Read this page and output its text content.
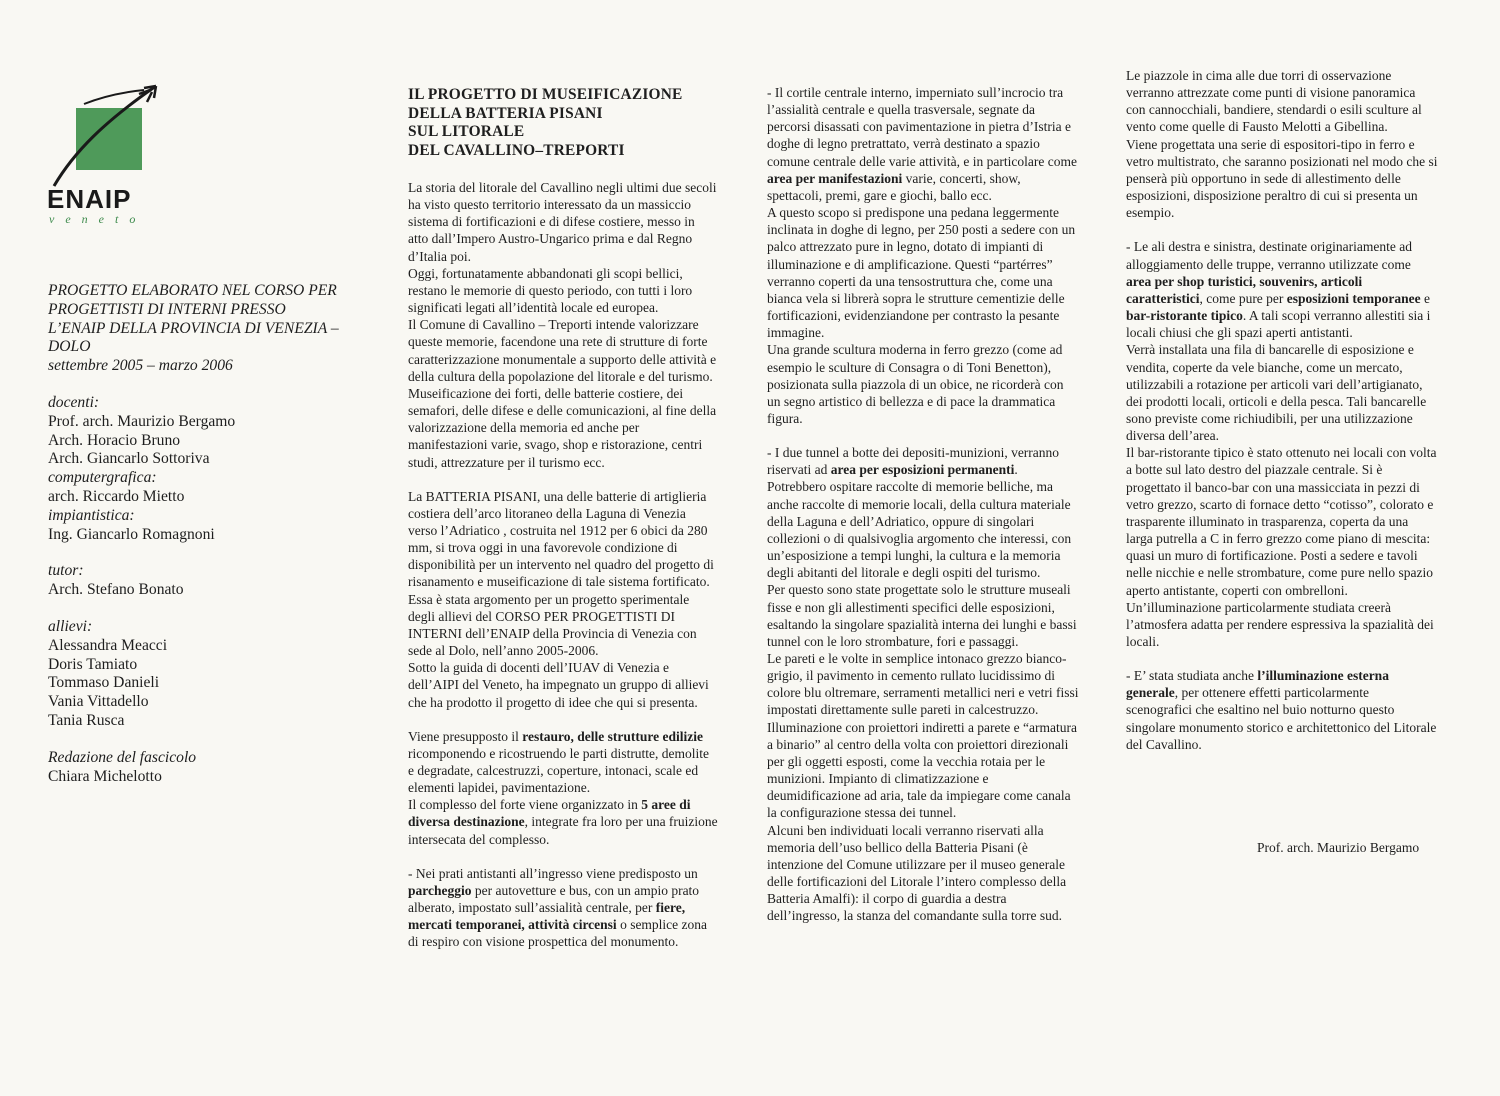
ENAIP
veneto

PROGETTO ELABORATO NEL CORSO PER

PROGETTISTI DI INTERNI PRESSO

L’ENAIP DELLA PROVINCIA DI VENEZIA –

DOLO

settembre 2005 – marzo 2006

docenti:

Prof. arch. Maurizio Bergamo

Arch. Horacio Bruno

Arch. Giancarlo Sottoriva

computergrafica:

arch. Riccardo Mietto

impiantistica:

Ing. Giancarlo Romagnoni

tutor:

Arch. Stefano Bonato

allievi:

Alessandra Meacci

Doris Tamiato

Tommaso Danieli

Vania Vittadello

Tania Rusca

Redazione del fascicolo

Chiara Michelotto

IL PROGETTO DI MUSEIFICAZIONE
DELLA BATTERIA PISANI
SUL LITORALE
DEL CAVALLINO–TREPORTI

La storia del litorale del Cavallino negli ultimi due secoli ha visto questo territorio interessato da un massiccio sistema di fortificazioni e di difese costiere, messo in atto dall’Impero Austro-Ungarico prima e dal Regno d’Italia poi.

Oggi, fortunatamente abbandonati gli scopi bellici, restano le memorie di questo periodo, con tutti i loro significati legati all’identità locale ed europea.

Il Comune di Cavallino – Treporti intende valorizzare queste memorie, facendone una rete di strutture di forte caratterizzazione monumentale a supporto delle attività e della cultura della popolazione del litorale e del turismo.

Museificazione dei forti, delle batterie costiere, dei semafori, delle difese e delle comunicazioni, al fine della valorizzazione della memoria ed anche per manifestazioni varie, svago, shop e ristorazione, centri studi, attrezzature per il turismo ecc.

La BATTERIA PISANI, una delle batterie di artiglieria costiera dell’arco litoraneo della Laguna di Venezia verso l’Adriatico , costruita nel 1912 per 6 obici da 280 mm, si trova oggi in una favorevole condizione di disponibilità per un intervento nel quadro del progetto di risanamento e museificazione di tale sistema fortificato.

Essa è stata argomento per un progetto sperimentale degli allievi del CORSO PER PROGETTISTI DI INTERNI dell’ENAIP della Provincia di Venezia con sede al Dolo, nell’anno 2005-2006.

Sotto la guida di docenti dell’IUAV di Venezia e dell’AIPI del Veneto, ha impegnato un gruppo di allievi che ha prodotto il progetto di idee che qui si presenta.

Viene presupposto il restauro, delle strutture edilizie ricomponendo e ricostruendo le parti distrutte, demolite e degradate, calcestruzzi, coperture, intonaci, scale ed elementi lapidei, pavimentazione.

Il complesso del forte viene organizzato in 5 aree di diversa destinazione, integrate fra loro per una fruizione intersecata del complesso.

- Nei prati antistanti all’ingresso viene predisposto un parcheggio per autovetture e bus, con un ampio prato alberato, impostato sull’assialità centrale, per fiere, mercati temporanei, attività circensi o semplice zona di respiro con visione prospettica del monumento.

- Il cortile centrale interno, imperniato sull’incrocio tra l’assialità centrale e quella trasversale, segnate da percorsi disassati con pavimentazione in pietra d’Istria e doghe di legno pretrattato, verrà destinato a spazio comune centrale delle varie attività, e in particolare come area per manifestazioni varie, concerti, show, spettacoli, premi, gare e giochi, ballo ecc.

A questo scopo si predispone una pedana leggermente inclinata in doghe di legno, per 250 posti a sedere con un palco attrezzato pure in legno, dotato di impianti di illuminazione e di amplificazione. Questi “partérres” verranno coperti da una tensostruttura che, come una bianca vela si librerà sopra le strutture cementizie delle fortificazioni, evidenziandone per contrasto la pesante immagine.

Una grande scultura moderna in ferro grezzo (come ad esempio le sculture di Consagra o di Toni Benetton), posizionata sulla piazzola di un obice, ne ricorderà con un segno artistico di bellezza e di pace la drammatica figura.

- I due tunnel a botte dei depositi-munizioni, verranno riservati ad area per esposizioni permanenti.

Potrebbero ospitare raccolte di memorie belliche, ma anche raccolte di memorie locali, della cultura materiale della Laguna e dell’Adriatico, oppure di singolari collezioni o di qualsivoglia argomento che interessi, con un’esposizione a tempi lunghi, la cultura e la memoria degli abitanti del litorale e degli ospiti del turismo.

Per questo sono state progettate solo le strutture museali fisse e non gli allestimenti specifici delle esposizioni, esaltando la singolare spazialità interna dei lunghi e bassi tunnel con le loro strombature, fori e passaggi.

Le pareti e le volte in semplice intonaco grezzo bianco-grigio, il pavimento in cemento rullato lucidissimo di colore blu oltremare, serramenti metallici neri e vetri fissi impostati direttamente sulle pareti in calcestruzzo. Illuminazione con proiettori indiretti a parete e “armatura a binario” al centro della volta con proiettori direzionali per gli oggetti esposti, come la vecchia rotaia per le munizioni. Impianto di climatizzazione e deumidificazione ad aria, tale da impiegare come canala la configurazione stessa dei tunnel.

Alcuni ben individuati locali verranno riservati alla memoria dell’uso bellico della Batteria Pisani (è intenzione del Comune utilizzare per il museo generale delle fortificazioni del Litorale l’intero complesso della Batteria Amalfi): il corpo di guardia a destra dell’ingresso, la stanza del comandante sulla torre sud.

Le piazzole in cima alle due torri di osservazione verranno attrezzate come punti di visione panoramica con cannocchiali, bandiere, stendardi o esili sculture al vento come quelle di Fausto Melotti a Gibellina.

Viene progettata una serie di espositori-tipo in ferro e vetro multistrato, che saranno posizionati nel modo che si penserà più opportuno in sede di allestimento delle esposizioni, disposizione peraltro di cui si presenta un esempio.

- Le ali destra e sinistra, destinate originariamente ad alloggiamento delle truppe, verranno utilizzate come area per shop turistici, souvenirs, articoli caratteristici, come pure per esposizioni temporanee e bar-ristorante tipico. A tali scopi verranno allestiti sia i locali chiusi che gli spazi aperti antistanti.

Verrà installata una fila di bancarelle di esposizione e vendita, coperte da vele bianche, come un mercato, utilizzabili a rotazione per articoli vari dell’artigianato, dei prodotti locali, orticoli e della pesca. Tali bancarelle sono previste come richiudibili, per una utilizzazione diversa dell’area.

Il bar-ristorante tipico è stato ottenuto nei locali con volta a botte sul lato destro del piazzale centrale. Si è progettato il banco-bar con una massicciata in pezzi di vetro grezzo, scarto di fornace detto “cotisso”, colorato e trasparente illuminato in trasparenza, coperta da una larga putrella a C in ferro grezzo come piano di mescita: quasi un muro di fortificazione. Posti a sedere e tavoli nelle nicchie e nelle strombature, come pure nello spazio aperto antistante, coperti con ombrelloni.

Un’illuminazione particolarmente studiata creerà l’atmosfera adatta per rendere espressiva la spazialità dei locali.

- E’ stata studiata anche l’illuminazione esterna generale, per ottenere effetti particolarmente scenografici che esaltino nel buio notturno questo singolare monumento storico e architettonico del Litorale del Cavallino.

Prof. arch. Maurizio Bergamo
